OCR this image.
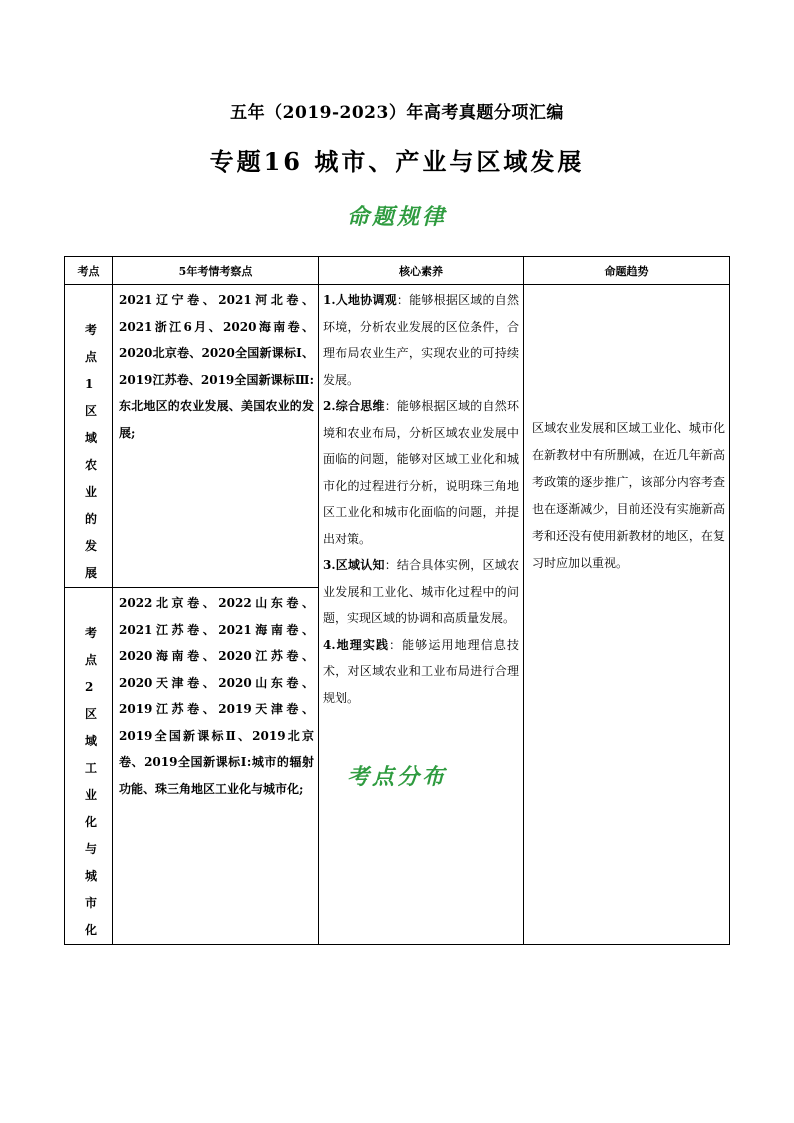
五年（2019-2023）年高考真题分项汇编
专题16 城市、产业与区域发展
命题规律
考点	5年考情考察点	核心素养	命题趋势
考点1区域农业的发展	2021辽宁卷、2021河北卷、2021浙江6月、2020海南卷、2020北京卷、2020全国新课标Ⅰ、2019江苏卷、2019全国新课标Ⅲ:东北地区的农业发展、美国农业的发展;	1.人地协调观：能够根据区域的自然环境，分析农业发展的区位条件，合理布局农业生产，实现农业的可持续发展。
2.综合思维：能够根据区域的自然环境和农业布局，分析区域农业发展中面临的问题，能够对区域工业化和城市化的过程进行分析，说明珠三角地区工业化和城市化面临的问题，并提出对策。
3.区域认知：结合具体实例，区域农业发展和工业化、城市化过程中的问题，实现区域的协调和高质量发展。
4.地理实践：能够运用地理信息技术，对区域农业和工业布局进行合理规划。	区域农业发展和区域工业化、城市化在新教材中有所删减，在近几年新高考政策的逐步推广，该部分内容考查也在逐渐减少，目前还没有实施新高考和还没有使用新教材的地区，在复习时应加以重视。
考点2区域工业化与城市化	2022北京卷、2022山东卷、2021江苏卷、2021海南卷、2020海南卷、2020江苏卷、2020天津卷、2020山东卷、2019江苏卷、2019天津卷、2019全国新课标Ⅱ、2019北京卷、2019全国新课标Ⅰ:城市的辐射功能、珠三角地区工业化与城市化;			考点分布
